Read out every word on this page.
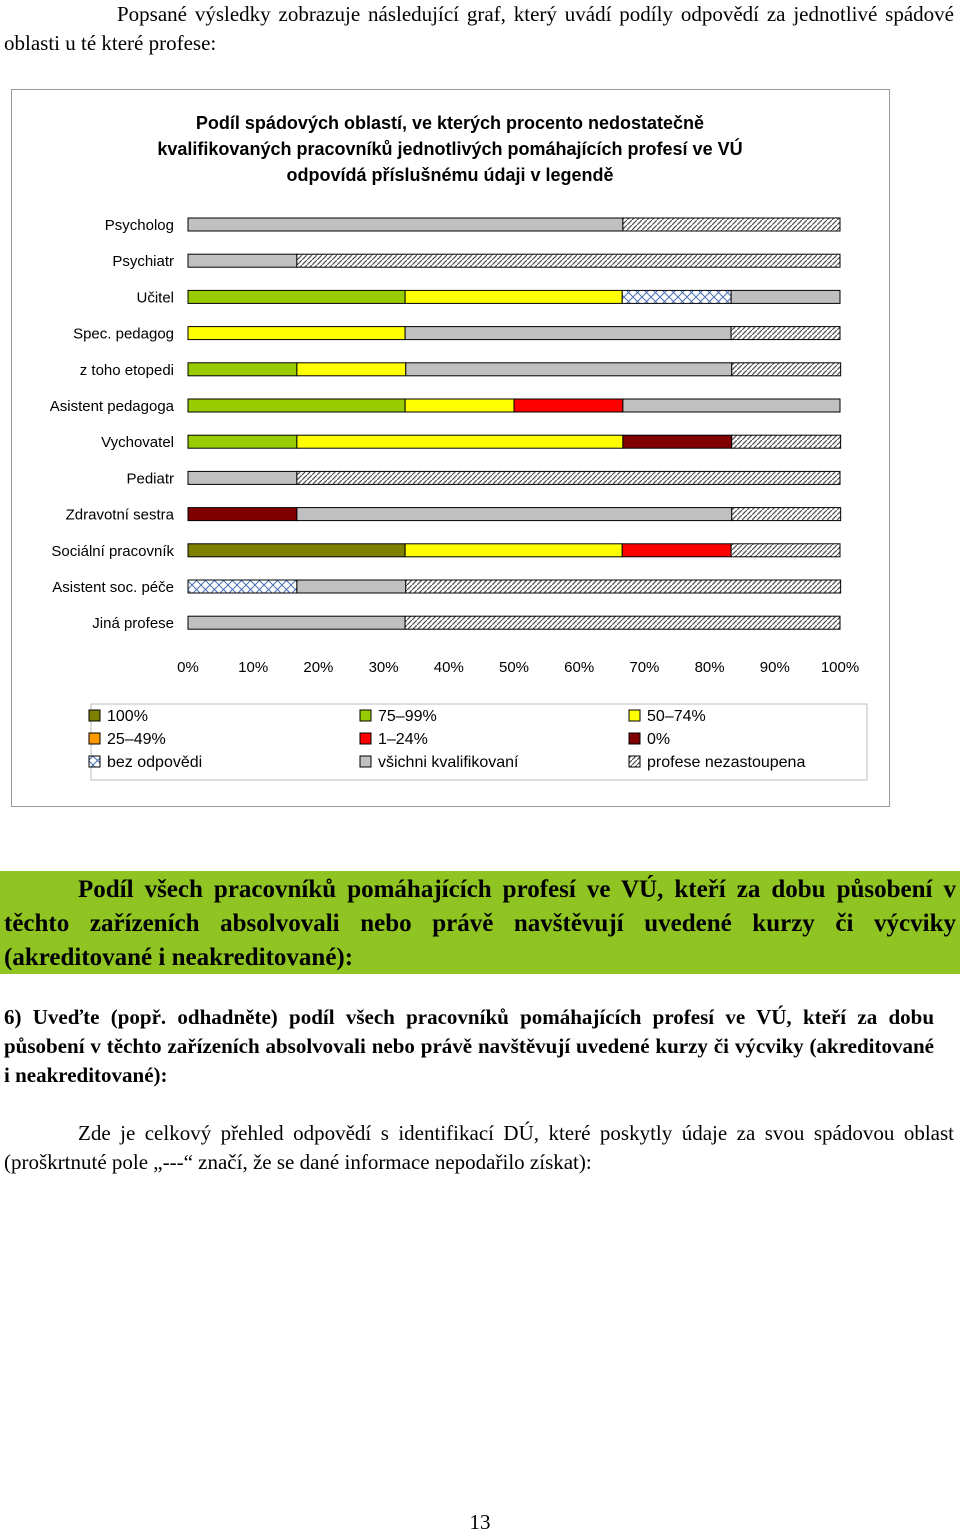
Popsané výsledky zobrazuje následující graf, který uvádí podíly odpovědí za jednotlivé spádové oblasti u té které profese:
Podíl spádových oblastí, ve kterých procento nedostatečně
kvalifikovaných pracovníků jednotlivých pomáhajících profesí ve VÚ
odpovídá příslušnému údaji v legendě
Psycholog
Psychiatr
Učitel
Spec. pedagog
z toho etopedi
Asistent pedagoga
Vychovatel
Pediatr
Zdravotní sestra
Sociální pracovník
Asistent soc. péče
Jiná profese
0%	10% 20% 30% 40% 50% 60% 70% 80% 90% 100%
100%	75–99%	50–74%
25–49%	1–24%	0%
bez odpovědi	všichni kvalifikovaní	profese nezastoupena
Podíl všech pracovníků pomáhajících profesí ve VÚ, kteří za dobu působení v těchto zařízeních absolvovali nebo právě navštěvují uvedené kurzy či výcviky (akreditované i neakreditované):
6) Uveďte (popř. odhadněte) podíl všech pracovníků pomáhajících profesí ve VÚ, kteří za dobu působení v těchto zařízeních absolvovali nebo právě navštěvují uvedené kurzy či výcviky (akreditované i neakreditované):
Zde je celkový přehled odpovědí s identifikací DÚ, které poskytly údaje za svou spádovou oblast (proškrtnuté pole „---“ značí, že se dané informace nepodařilo získat):
13
